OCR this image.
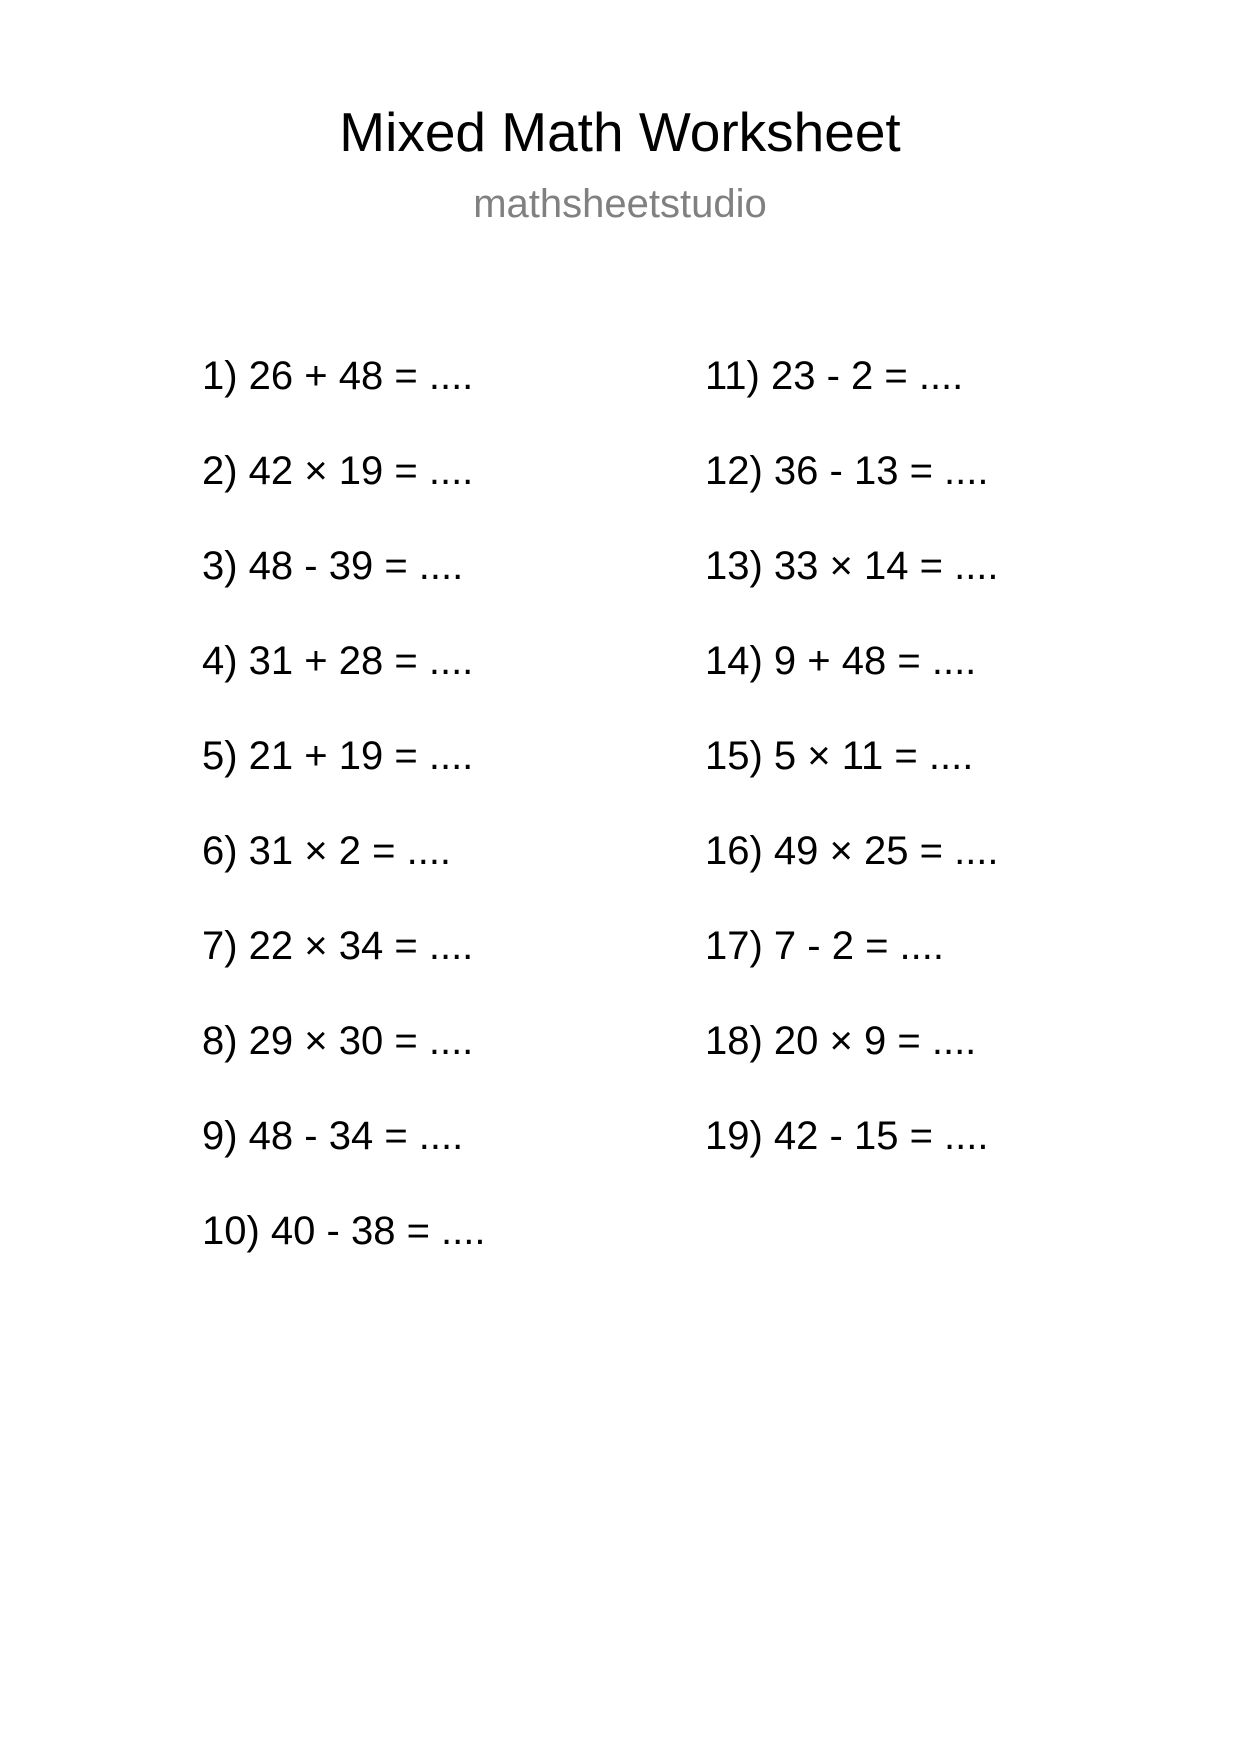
Mixed Math Worksheet
mathsheetstudio
1) 26 + 48 = ....
2) 42 × 19 = ....
3) 48 - 39 = ....
4) 31 + 28 = ....
5) 21 + 19 = ....
6) 31 × 2 = ....
7) 22 × 34 = ....
8) 29 × 30 = ....
9) 48 - 34 = ....
10) 40 - 38 = ....
11) 23 - 2 = ....
12) 36 - 13 = ....
13) 33 × 14 = ....
14) 9 + 48 = ....
15) 5 × 11 = ....
16) 49 × 25 = ....
17) 7 - 2 = ....
18) 20 × 9 = ....
19) 42 - 15 = ....
